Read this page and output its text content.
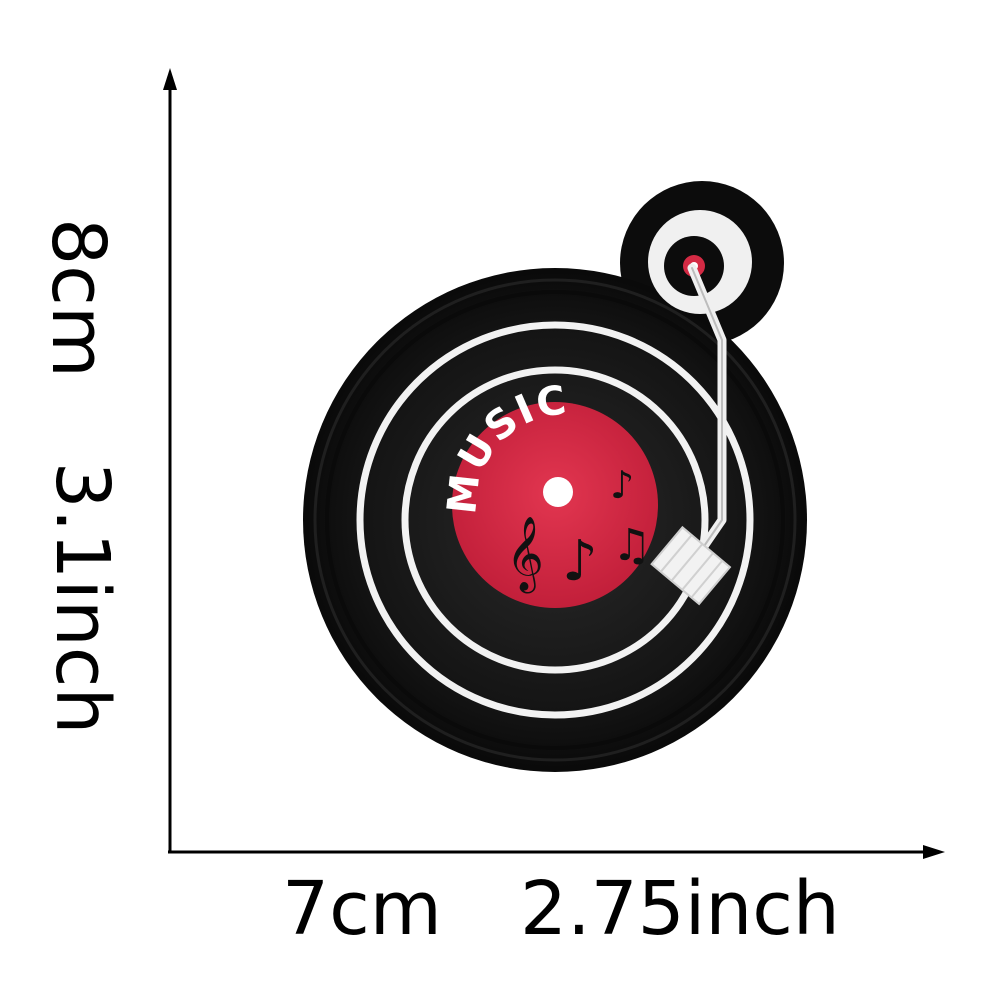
MUSIC
𝄞 ♪ ♫
♪
7cm 2.75inch
8cm
3.1inch
